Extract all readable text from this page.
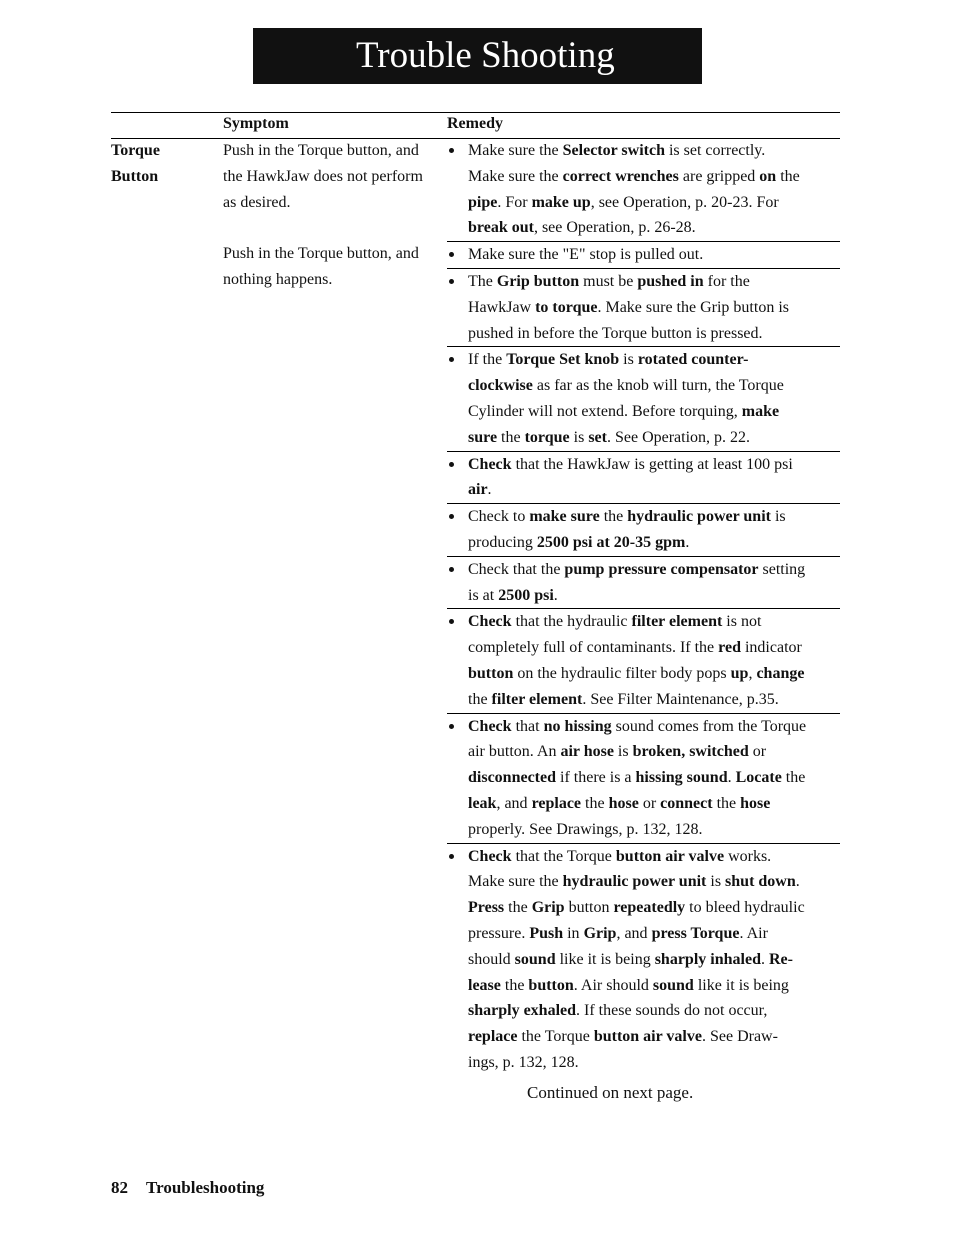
Trouble Shooting
Symptom	Remedy
Torque
Button
Push in the Torque button, and
the HawkJaw does not perform
as desired.
Push in the Torque button, and
nothing happens.
Make sure the Selector switch is set correctly.
Make sure the correct wrenches are gripped on the
pipe. For make up, see Operation, p. 20-23. For
break out, see Operation, p. 26-28.
Make sure the "E" stop is pulled out.
The Grip button must be pushed in for the
HawkJaw to torque. Make sure the Grip button is
pushed in before the Torque button is pressed.
If the Torque Set knob is rotated counter-
clockwise as far as the knob will turn, the Torque
Cylinder will not extend. Before torquing, make
sure the torque is set. See Operation, p. 22.
Check that the HawkJaw is getting at least 100 psi
air.
Check to make sure the hydraulic power unit is
producing 2500 psi at 20-35 gpm.
Check that the pump pressure compensator setting
is at 2500 psi.
Check that the hydraulic filter element is not
completely full of contaminants. If the red indicator
button on the hydraulic filter body pops up, change
the filter element. See Filter Maintenance, p.35.
Check that no hissing sound comes from the Torque
air button. An air hose is broken, switched or
disconnected if there is a hissing sound. Locate the
leak, and replace the hose or connect the hose
properly. See Drawings, p. 132, 128.
Check that the Torque button air valve works.
Make sure the hydraulic power unit is shut down.
Press the Grip button repeatedly to bleed hydraulic
pressure. Push in Grip, and press Torque. Air
should sound like it is being sharply inhaled. Re-
lease the button. Air should sound like it is being
sharply exhaled. If these sounds do not occur,
replace the Torque button air valve. See Draw-
ings, p. 132, 128.
Continued on next page.
82 Troubleshooting
